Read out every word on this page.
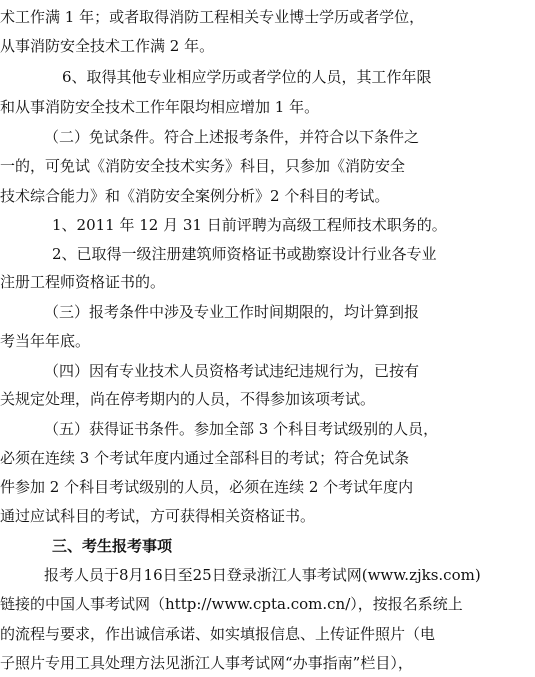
术工作满 1 年；或者取得消防工程相关专业博士学历或者学位，
从事消防安全技术工作满 2 年。
6、取得其他专业相应学历或者学位的人员，其工作年限
和从事消防安全技术工作年限均相应增加 1 年。
（二）免试条件。符合上述报考条件，并符合以下条件之
一的，可免试《消防安全技术实务》科目，只参加《消防安全
技术综合能力》和《消防安全案例分析》2 个科目的考试。
1、2011 年 12 月 31 日前评聘为高级工程师技术职务的。
2、已取得一级注册建筑师资格证书或勘察设计行业各专业
注册工程师资格证书的。
（三）报考条件中涉及专业工作时间期限的，均计算到报
考当年年底。
（四）因有专业技术人员资格考试违纪违规行为，已按有
关规定处理，尚在停考期内的人员，不得参加该项考试。
（五）获得证书条件。参加全部 3 个科目考试级别的人员，
必须在连续 3 个考试年度内通过全部科目的考试；符合免试条
件参加 2 个科目考试级别的人员，必须在连续 2 个考试年度内
通过应试科目的考试，方可获得相关资格证书。
三、考生报考事项
报考人员于8月16日至25日登录浙江人事考试网(www.zjks.com)
链接的中国人事考试网（http://www.cpta.com.cn/），按报名系统上
的流程与要求，作出诚信承诺、如实填报信息、上传证件照片（电
子照片专用工具处理方法见浙江人事考试网“办事指南”栏目），
